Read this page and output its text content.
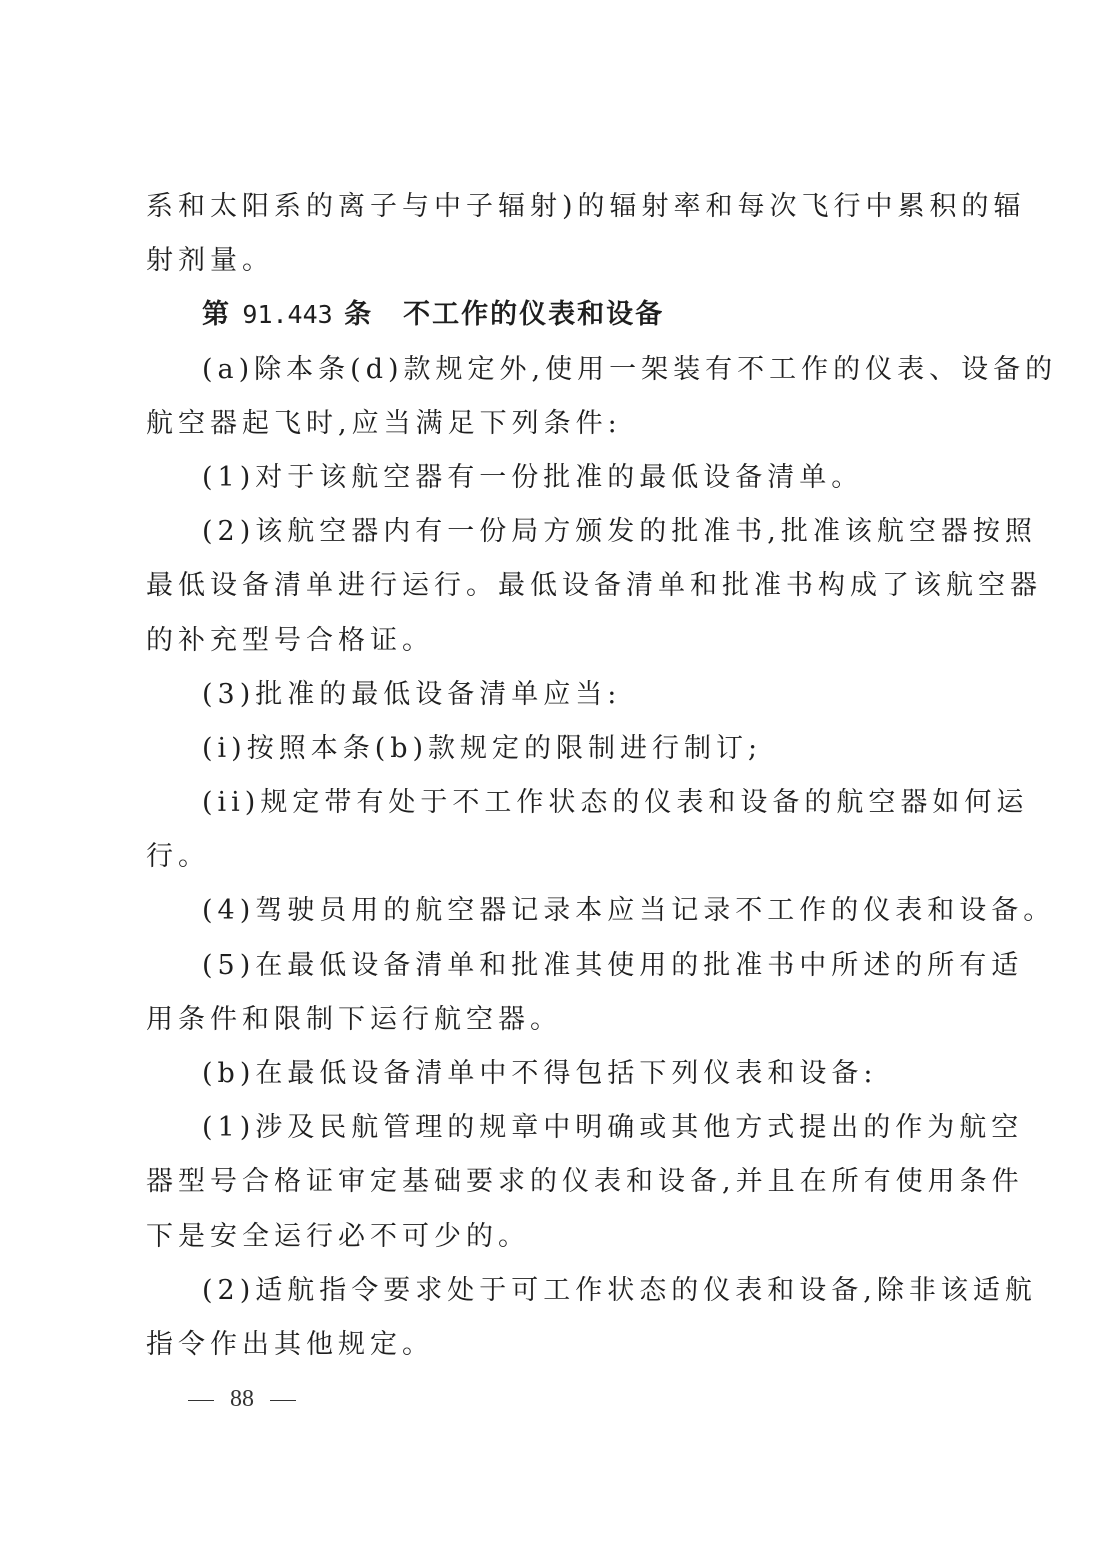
系和太阳系的离子与中子辐射)的辐射率和每次飞行中累积的辐
射剂量。
第 91.443 条 不工作的仪表和设备
(a)除本条(d)款规定外,使用一架装有不工作的仪表、设备的
航空器起飞时,应当满足下列条件:
(1)对于该航空器有一份批准的最低设备清单。
(2)该航空器内有一份局方颁发的批准书,批准该航空器按照
最低设备清单进行运行。最低设备清单和批准书构成了该航空器
的补充型号合格证。
(3)批准的最低设备清单应当:
(i)按照本条(b)款规定的限制进行制订;
(ii)规定带有处于不工作状态的仪表和设备的航空器如何运
行。
(4)驾驶员用的航空器记录本应当记录不工作的仪表和设备。
(5)在最低设备清单和批准其使用的批准书中所述的所有适
用条件和限制下运行航空器。
(b)在最低设备清单中不得包括下列仪表和设备:
(1)涉及民航管理的规章中明确或其他方式提出的作为航空
器型号合格证审定基础要求的仪表和设备,并且在所有使用条件
下是安全运行必不可少的。
(2)适航指令要求处于可工作状态的仪表和设备,除非该适航
指令作出其他规定。
88
